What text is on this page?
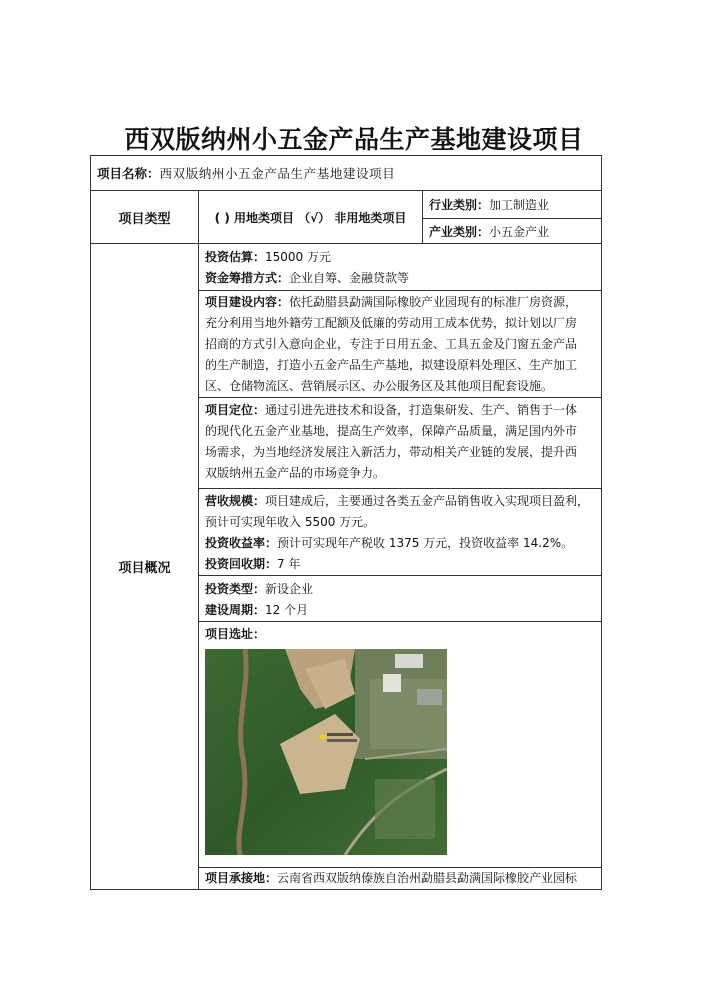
西双版纳州小五金产品生产基地建设项目
项目名称：西双版纳州小五金产品生产基地建设项目		
项目类型	( ) 用地类项目 （√） 非用地类项目	行业类别：加工制造业
		产业类别：小五金产业
项目概况	投资估算：15000 万元
资金筹措方式：企业自筹、金融贷款等	

	项目建设内容：依托勐腊县勐满国际橡胶产业园现有的标准厂房资源，
充分利用当地外籍劳工配额及低廉的劳动用工成本优势，拟计划以厂房
招商的方式引入意向企业，专注于日用五金、工具五金及门窗五金产品
的生产制造，打造小五金产品生产基地，拟建设原料处理区、生产加工
区、仓储物流区、营销展示区、办公服务区及其他项目配套设施。	

	项目定位：通过引进先进技术和设备，打造集研发、生产、销售于一体
的现代化五金产业基地，提高生产效率，保障产品质量，满足国内外市
场需求，为当地经济发展注入新活力，带动相关产业链的发展，提升西
双版纳州五金产品的市场竞争力。	

	营收规模：项目建成后，主要通过各类五金产品销售收入实现项目盈利，
预计可实现年收入 5500 万元。
投资收益率：预计可实现年产税收 1375 万元，投资收益率 14.2%。
投资回收期：7 年	

	投资类型：新设企业
建设周期：12 个月	

	项目选址：	

	项目承接地：云南省西双版纳傣族自治州勐腊县勐满国际橡胶产业园标	
